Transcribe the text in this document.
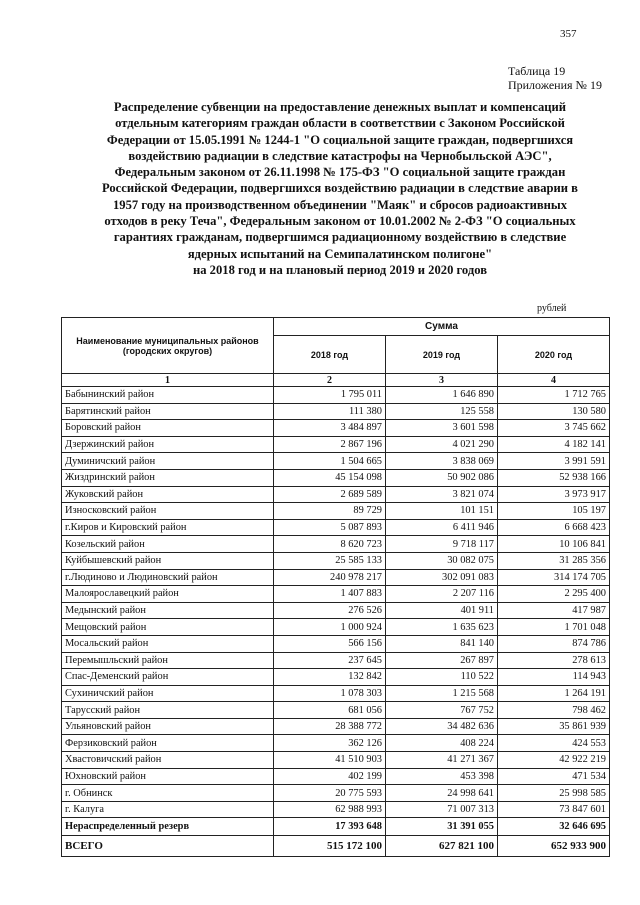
357
Таблица 19
Приложения № 19
Распределение субвенции на предоставление денежных выплат и компенсаций
отдельным категориям граждан области в соответствии с Законом Российской
Федерации от 15.05.1991 № 1244-1 "О социальной защите граждан, подвергшихся
воздействию радиации в следствие катастрофы на Чернобыльской АЭС",
Федеральным законом от 26.11.1998 № 175-ФЗ "О социальной защите граждан
Российской Федерации, подвергшихся воздействию радиации в следствие аварии в
1957 году на производственном объединении "Маяк" и сбросов радиоактивных
отходов в реку Теча", Федеральным законом от 10.01.2002 № 2-ФЗ "О социальных
гарантиях гражданам, подвергшимся радиационному воздействию в следствие
ядерных испытаний на Семипалатинском полигоне"
на 2018 год и на плановый период 2019 и 2020 годов
рублей
Наименование муниципальных районов (городских округов)	Сумма		
	2018 год	2019 год	2020 год
1	2	3	4
Бабынинский район	1 795 011	1 646 890	1 712 765
Барятинский район	111 380	125 558	130 580
Боровский район	3 484 897	3 601 598	3 745 662
Дзержинский район	2 867 196	4 021 290	4 182 141
Думиничский район	1 504 665	3 838 069	3 991 591
Жиздринский район	45 154 098	50 902 086	52 938 166
Жуковский район	2 689 589	3 821 074	3 973 917
Износковский район	89 729	101 151	105 197
г.Киров и Кировский район	5 087 893	6 411 946	6 668 423
Козельский район	8 620 723	9 718 117	10 106 841
Куйбышевский район	25 585 133	30 082 075	31 285 356
г.Людиново и Людиновский район	240 978 217	302 091 083	314 174 705
Малоярославецкий район	1 407 883	2 207 116	2 295 400
Медынский район	276 526	401 911	417 987
Мещовский район	1 000 924	1 635 623	1 701 048
Мосальский район	566 156	841 140	874 786
Перемышльский район	237 645	267 897	278 613
Спас-Деменский район	132 842	110 522	114 943
Сухиничский район	1 078 303	1 215 568	1 264 191
Тарусский район	681 056	767 752	798 462
Ульяновский район	28 388 772	34 482 636	35 861 939
Ферзиковский район	362 126	408 224	424 553
Хвастовичский район	41 510 903	41 271 367	42 922 219
Юхновский район	402 199	453 398	471 534
г. Обнинск	20 775 593	24 998 641	25 998 585
г. Калуга	62 988 993	71 007 313	73 847 601
Нераспределенный резерв	17 393 648	31 391 055	32 646 695
ВСЕГО	515 172 100	627 821 100	652 933 900
